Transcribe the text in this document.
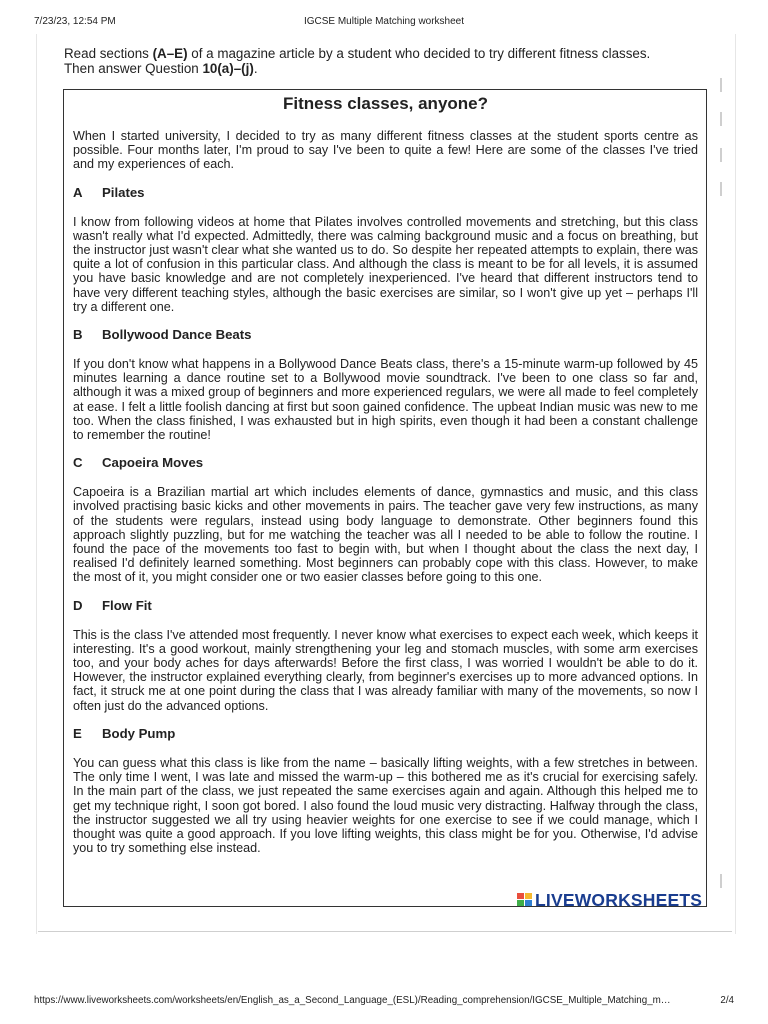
7/23/23, 12:54 PM	IGCSE Multiple Matching worksheet
Read sections (A–E) of a magazine article by a student who decided to try different fitness classes.
Then answer Question 10(a)–(j).
Fitness classes, anyone?

When I started university, I decided to try as many different fitness classes at the student sports centre as possible. Four months later, I'm proud to say I've been to quite a few! Here are some of the classes I've tried and my experiences of each.

A Pilates

I know from following videos at home that Pilates involves controlled movements and stretching, but this class wasn't really what I'd expected. Admittedly, there was calming background music and a focus on breathing, but the instructor just wasn't clear what she wanted us to do. So despite her repeated attempts to explain, there was quite a lot of confusion in this particular class. And although the class is meant to be for all levels, it is assumed you have basic knowledge and are not completely inexperienced. I've heard that different instructors tend to have very different teaching styles, although the basic exercises are similar, so I won't give up yet – perhaps I'll try a different one.

B Bollywood Dance Beats

If you don't know what happens in a Bollywood Dance Beats class, there's a 15-minute warm-up followed by 45 minutes learning a dance routine set to a Bollywood movie soundtrack. I've been to one class so far and, although it was a mixed group of beginners and more experienced regulars, we were all made to feel completely at ease. I felt a little foolish dancing at first but soon gained confidence. The upbeat Indian music was new to me too. When the class finished, I was exhausted but in high spirits, even though it had been a constant challenge to remember the routine!

C Capoeira Moves

Capoeira is a Brazilian martial art which includes elements of dance, gymnastics and music, and this class involved practising basic kicks and other movements in pairs. The teacher gave very few instructions, as many of the students were regulars, instead using body language to demonstrate. Other beginners found this approach slightly puzzling, but for me watching the teacher was all I needed to be able to follow the routine. I found the pace of the movements too fast to begin with, but when I thought about the class the next day, I realised I'd definitely learned something. Most beginners can probably cope with this class. However, to make the most of it, you might consider one or two easier classes before going to this one.

D Flow Fit

This is the class I've attended most frequently. I never know what exercises to expect each week, which keeps it interesting. It's a good workout, mainly strengthening your leg and stomach muscles, with some arm exercises too, and your body aches for days afterwards! Before the first class, I was worried I wouldn't be able to do it. However, the instructor explained everything clearly, from beginner's exercises up to more advanced options. In fact, it struck me at one point during the class that I was already familiar with many of the movements, so now I often just do the advanced options.

E Body Pump

You can guess what this class is like from the name – basically lifting weights, with a few stretches in between. The only time I went, I was late and missed the warm-up – this bothered me as it's crucial for exercising safely. In the main part of the class, we just repeated the same exercises again and again. Although this helped me to get my technique right, I soon got bored. I also found the loud music very distracting. Halfway through the class, the instructor suggested we all try using heavier weights for one exercise to see if we could manage, which I thought was quite a good approach. If you love lifting weights, this class might be for you. Otherwise, I'd advise you to try something else instead.

LIVEWORKSHEETS
https://www.liveworksheets.com/worksheets/en/English_as_a_Second_Language_(ESL)/Reading_comprehension/IGCSE_Multiple_Matching_m…	2/4
